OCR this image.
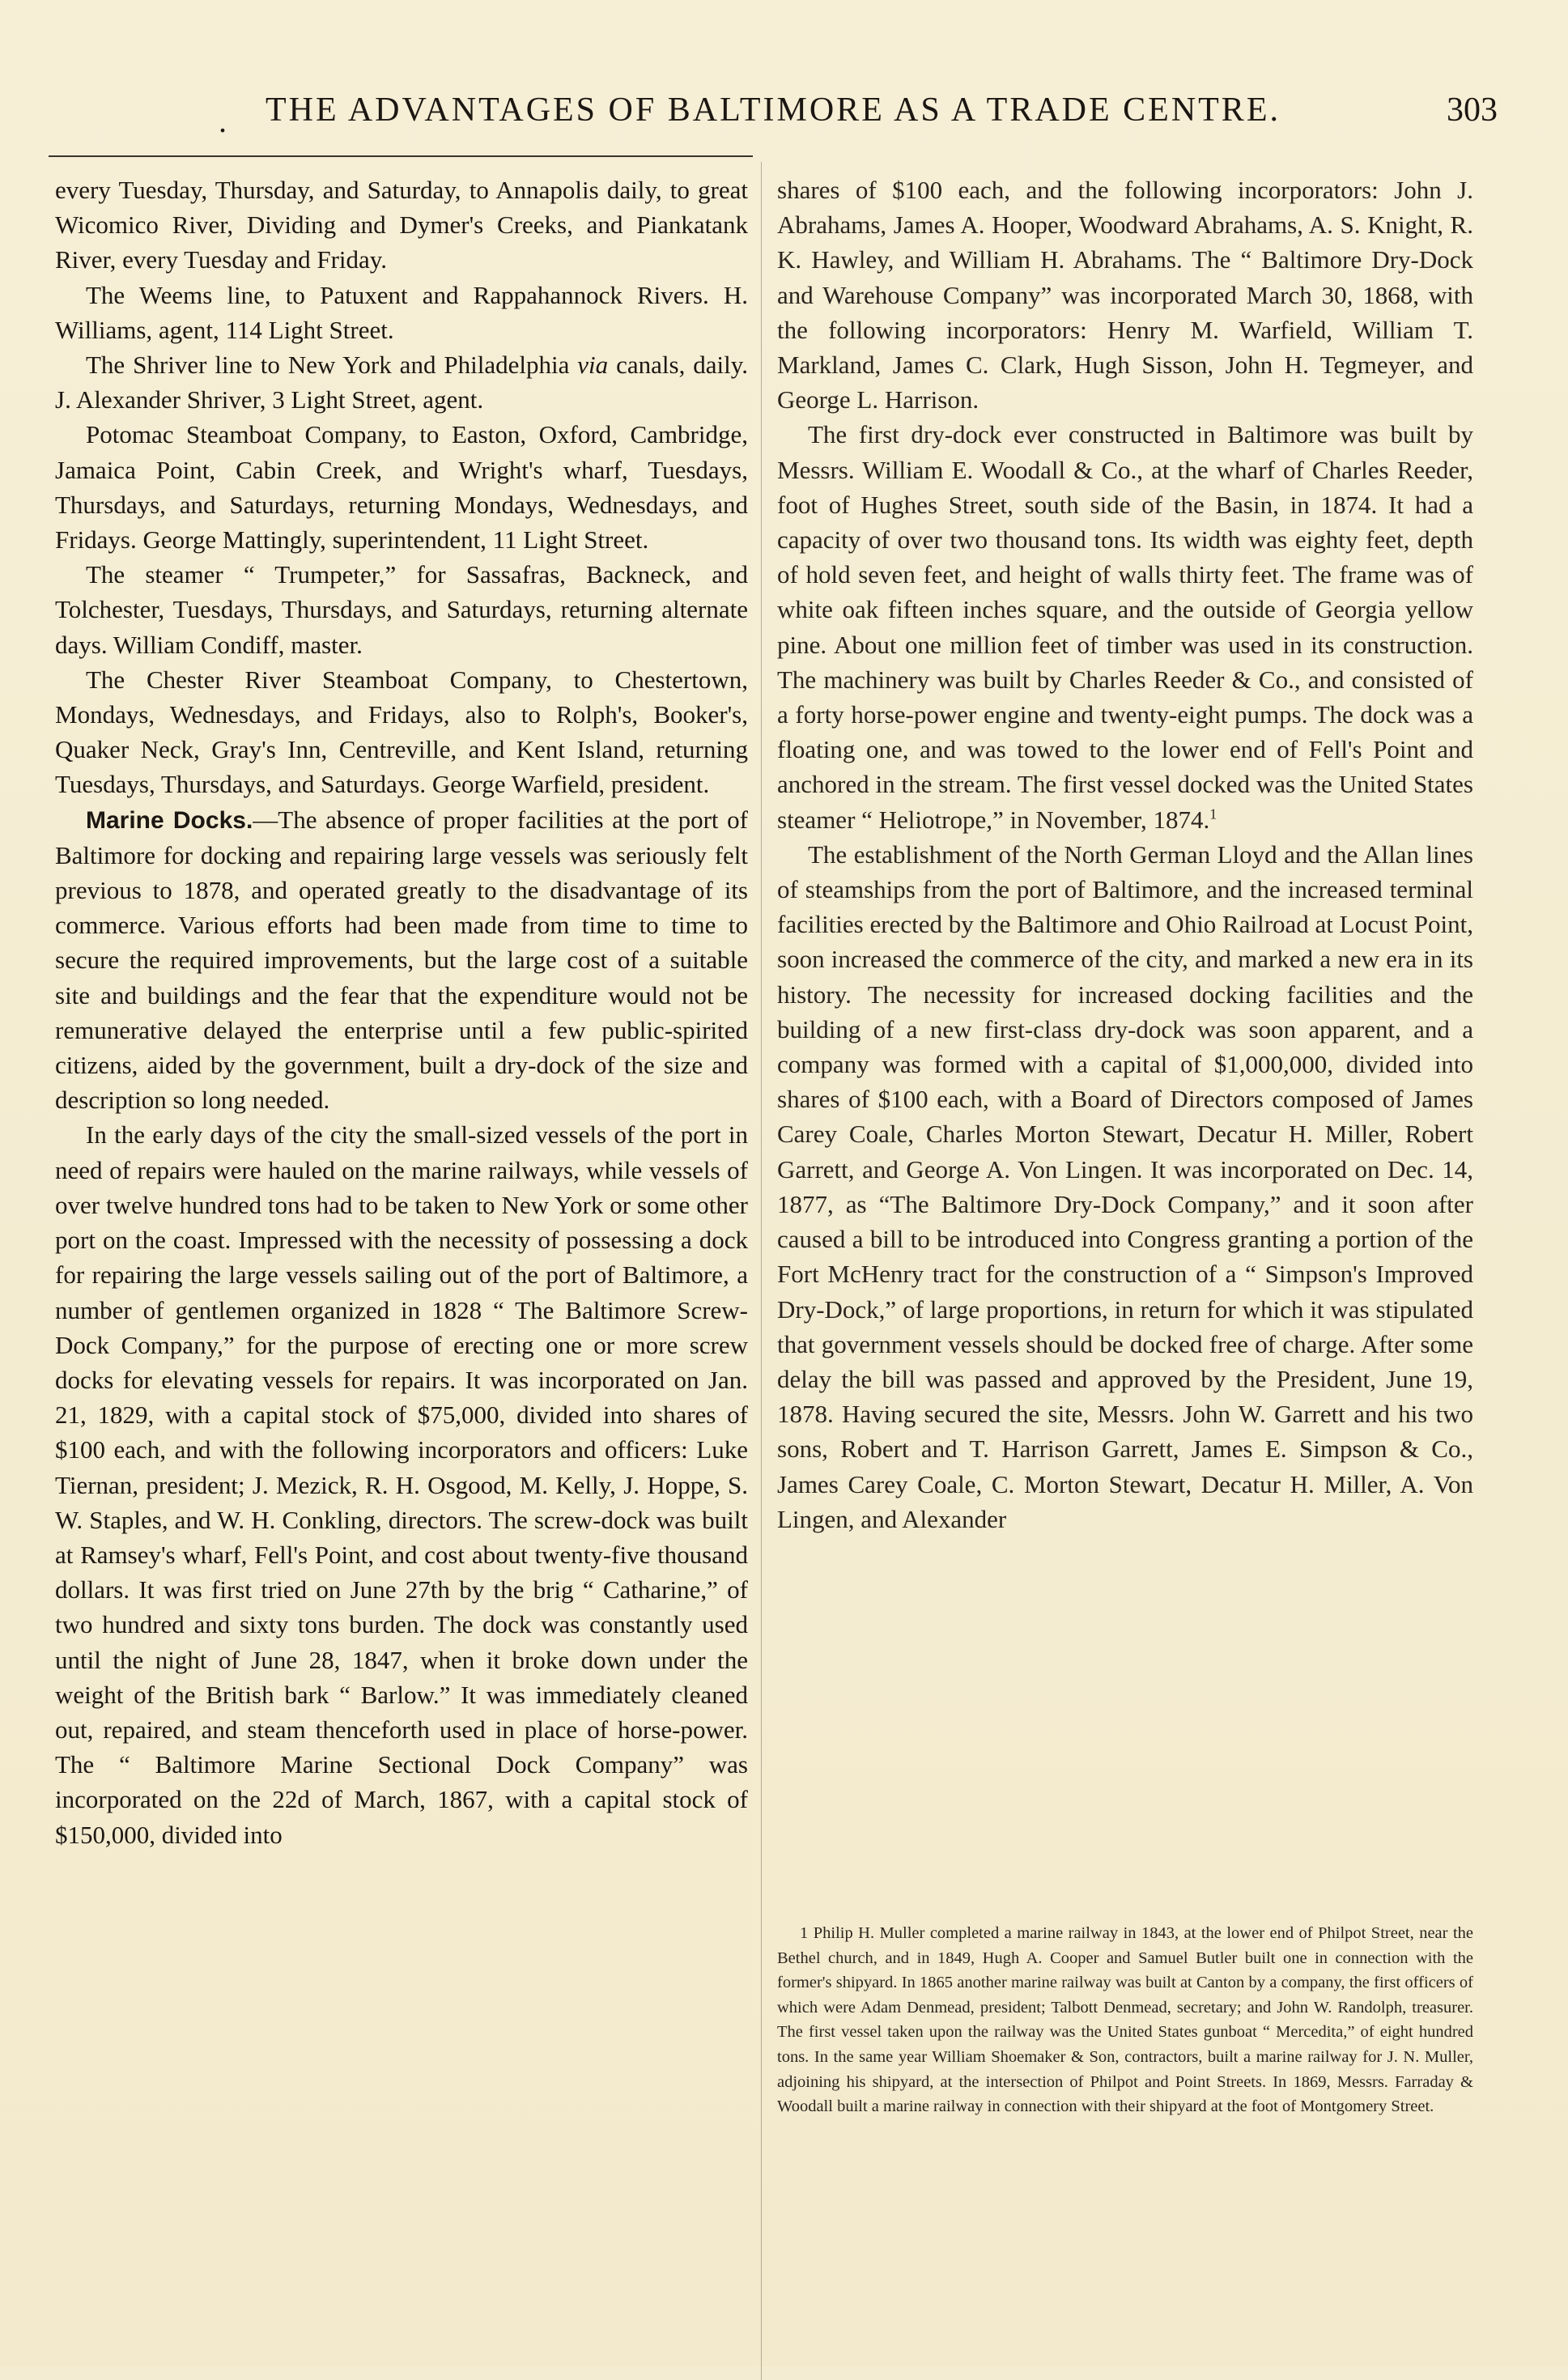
.	THE ADVANTAGES OF BALTIMORE AS A TRADE CENTRE.	303

every Tuesday, Thursday, and Saturday, to Annapolis daily, to great Wicomico River, Dividing and Dymer's Creeks, and Piankatank River, every Tuesday and Friday.

The Weems line, to Patuxent and Rappahannock Rivers. H. Williams, agent, 114 Light Street.

The Shriver line to New York and Philadelphia via canals, daily. J. Alexander Shriver, 3 Light Street, agent.

Potomac Steamboat Company, to Easton, Oxford, Cambridge, Jamaica Point, Cabin Creek, and Wright's wharf, Tuesdays, Thursdays, and Saturdays, returning Mondays, Wednesdays, and Fridays. George Mattingly, superintendent, 11 Light Street.

The steamer “ Trumpeter,” for Sassafras, Backneck, and Tolchester, Tuesdays, Thursdays, and Saturdays, returning alternate days. William Condiff, master.

The Chester River Steamboat Company, to Chestertown, Mondays, Wednesdays, and Fridays, also to Rolph's, Booker's, Quaker Neck, Gray's Inn, Centreville, and Kent Island, returning Tuesdays, Thursdays, and Saturdays. George Warfield, president.

Marine Docks.—The absence of proper facilities at the port of Baltimore for docking and repairing large vessels was seriously felt previous to 1878, and operated greatly to the disadvantage of its commerce. Various efforts had been made from time to time to secure the required improvements, but the large cost of a suitable site and buildings and the fear that the expenditure would not be remunerative delayed the enterprise until a few public-spirited citizens, aided by the government, built a dry-dock of the size and description so long needed.

In the early days of the city the small-sized vessels of the port in need of repairs were hauled on the marine railways, while vessels of over twelve hundred tons had to be taken to New York or some other port on the coast. Impressed with the necessity of possessing a dock for repairing the large vessels sailing out of the port of Baltimore, a number of gentlemen organized in 1828 “ The Baltimore Screw-Dock Company,” for the purpose of erecting one or more screw docks for elevating vessels for repairs. It was incorporated on Jan. 21, 1829, with a capital stock of $75,000, divided into shares of $100 each, and with the following incorporators and officers: Luke Tiernan, president; J. Mezick, R. H. Osgood, M. Kelly, J. Hoppe, S. W. Staples, and W. H. Conkling, directors. The screw-dock was built at Ramsey's wharf, Fell's Point, and cost about twenty-five thousand dollars. It was first tried on June 27th by the brig “ Catharine,” of two hundred and sixty tons burden. The dock was constantly used until the night of June 28, 1847, when it broke down under the weight of the British bark “ Barlow.” It was immediately cleaned out, repaired, and steam thenceforth used in place of horse-power. The “ Baltimore Marine Sectional Dock Company” was incorporated on the 22d of March, 1867, with a capital stock of $150,000, divided into

shares of $100 each, and the following incorporators: John J. Abrahams, James A. Hooper, Woodward Abrahams, A. S. Knight, R. K. Hawley, and William H. Abrahams. The “ Baltimore Dry-Dock and Warehouse Company” was incorporated March 30, 1868, with the following incorporators: Henry M. Warfield, William T. Markland, James C. Clark, Hugh Sisson, John H. Tegmeyer, and George L. Harrison.

The first dry-dock ever constructed in Baltimore was built by Messrs. William E. Woodall & Co., at the wharf of Charles Reeder, foot of Hughes Street, south side of the Basin, in 1874. It had a capacity of over two thousand tons. Its width was eighty feet, depth of hold seven feet, and height of walls thirty feet. The frame was of white oak fifteen inches square, and the outside of Georgia yellow pine. About one million feet of timber was used in its construction. The machinery was built by Charles Reeder & Co., and consisted of a forty horse-power engine and twenty-eight pumps. The dock was a floating one, and was towed to the lower end of Fell's Point and anchored in the stream. The first vessel docked was the United States steamer “ Heliotrope,” in November, 1874.$^1$

The establishment of the North German Lloyd and the Allan lines of steamships from the port of Baltimore, and the increased terminal facilities erected by the Baltimore and Ohio Railroad at Locust Point, soon increased the commerce of the city, and marked a new era in its history. The necessity for increased docking facilities and the building of a new first-class dry-dock was soon apparent, and a company was formed with a capital of $1,000,000, divided into shares of $100 each, with a Board of Directors composed of James Carey Coale, Charles Morton Stewart, Decatur H. Miller, Robert Garrett, and George A. Von Lingen. It was incorporated on Dec. 14, 1877, as “The Baltimore Dry-Dock Company,” and it soon after caused a bill to be introduced into Congress granting a portion of the Fort McHenry tract for the construction of a “ Simpson's Improved Dry-Dock,” of large proportions, in return for which it was stipulated that government vessels should be docked free of charge. After some delay the bill was passed and approved by the President, June 19, 1878. Having secured the site, Messrs. John W. Garrett and his two sons, Robert and T. Harrison Garrett, James E. Simpson & Co., James Carey Coale, C. Morton Stewart, Decatur H. Miller, A. Von Lingen, and Alexander

1 Philip H. Muller completed a marine railway in 1843, at the lower end of Philpot Street, near the Bethel church, and in 1849, Hugh A. Cooper and Samuel Butler built one in connection with the former's shipyard. In 1865 another marine railway was built at Canton by a company, the first officers of which were Adam Denmead, president; Talbott Denmead, secretary; and John W. Randolph, treasurer. The first vessel taken upon the railway was the United States gunboat “ Mercedita,” of eight hundred tons. In the same year William Shoemaker & Son, contractors, built a marine railway for J. N. Muller, adjoining his shipyard, at the intersection of Philpot and Point Streets. In 1869, Messrs. Farraday & Woodall built a marine railway in connection with their shipyard at the foot of Montgomery Street.
